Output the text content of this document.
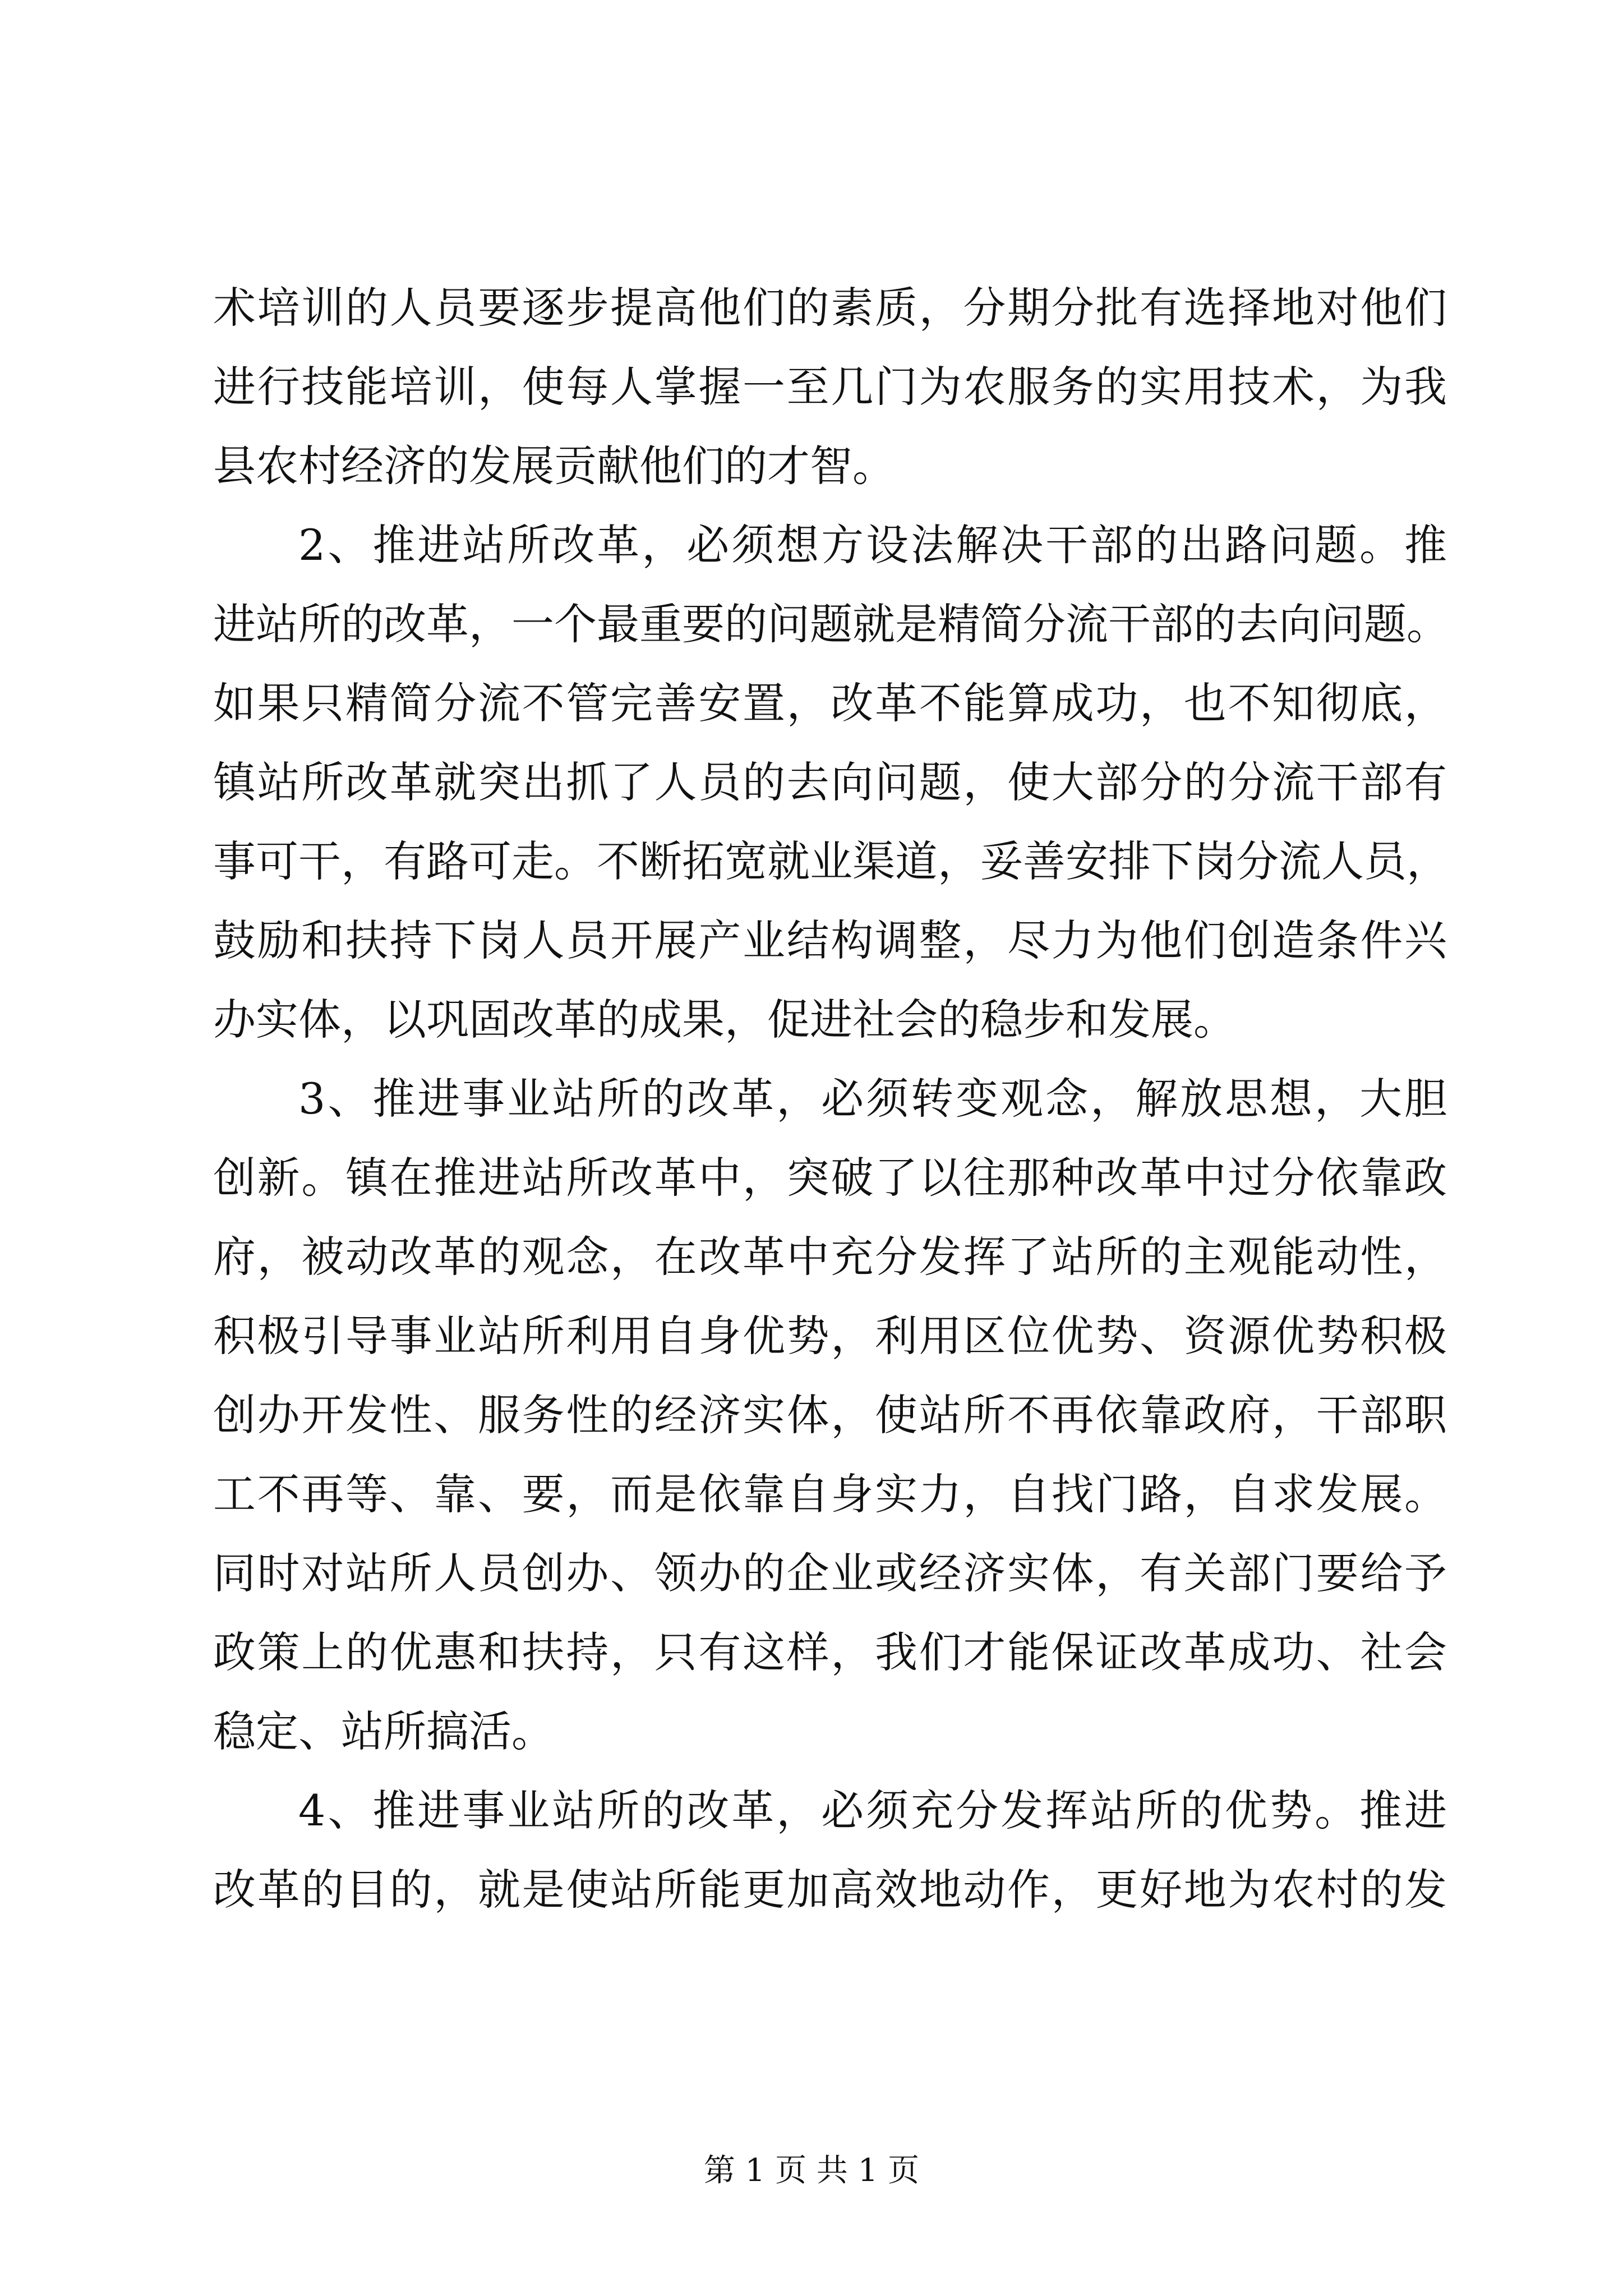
术培训的人员要逐步提高他们的素质，分期分批有选择地对他们
进行技能培训，使每人掌握一至几门为农服务的实用技术，为我
县农村经济的发展贡献他们的才智。
2、推进站所改革，必须想方设法解决干部的出路问题。推
进站所的改革，一个最重要的问题就是精简分流干部的去向问题。
如果只精简分流不管完善安置，改革不能算成功，也不知彻底，
镇站所改革就突出抓了人员的去向问题，使大部分的分流干部有
事可干，有路可走。不断拓宽就业渠道，妥善安排下岗分流人员，
鼓励和扶持下岗人员开展产业结构调整，尽力为他们创造条件兴
办实体，以巩固改革的成果，促进社会的稳步和发展。
3、推进事业站所的改革，必须转变观念，解放思想，大胆
创新。镇在推进站所改革中，突破了以往那种改革中过分依靠政
府，被动改革的观念，在改革中充分发挥了站所的主观能动性，
积极引导事业站所利用自身优势，利用区位优势、资源优势积极
创办开发性、服务性的经济实体，使站所不再依靠政府，干部职
工不再等、靠、要，而是依靠自身实力，自找门路，自求发展。
同时对站所人员创办、领办的企业或经济实体，有关部门要给予
政策上的优惠和扶持，只有这样，我们才能保证改革成功、社会
稳定、站所搞活。
4、推进事业站所的改革，必须充分发挥站所的优势。推进
改革的目的，就是使站所能更加高效地动作，更好地为农村的发
第 1 页 共 1 页
